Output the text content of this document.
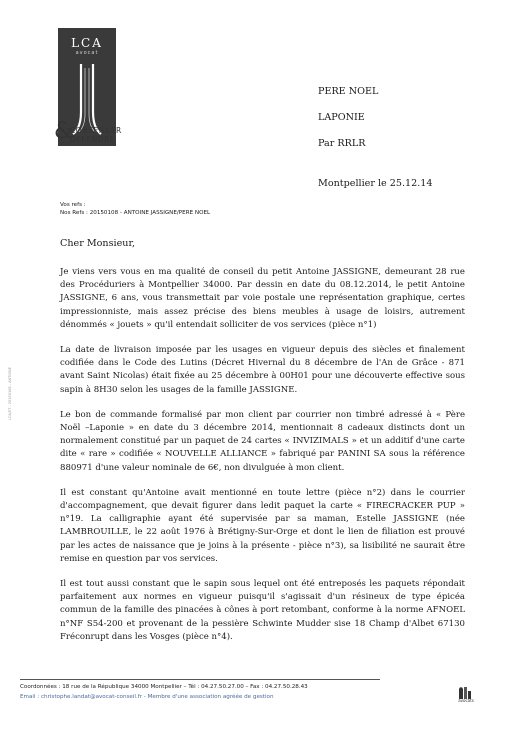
LCA
avocat
&
CONSEILLER
DEFENDRE
PERE NOEL
LAPONIE
Par RRLR
Montpellier le 25.12.14
Vos refs :
Nos Refs : 20150108 - ANTOINE JASSIGNE/PERE NOEL
Cher Monsieur,

Je viens vers vous en ma qualité de conseil du petit Antoine JASSIGNE, demeurant 28 rue des Procéduriers à Montpellier 34000. Par dessin en date du 08.12.2014, le petit Antoine JASSIGNE, 6 ans, vous transmettait par voie postale une représentation graphique, certes impressionniste, mais assez précise des biens meubles à usage de loisirs, autrement dénommés « jouets » qu'il entendait solliciter de vos services (pièce n°1)

La date de livraison imposée par les usages en vigueur depuis des siècles et finalement codifiée dans le Code des Lutins (Décret Hivernal du 8 décembre de l'An de Grâce - 871 avant Saint Nicolas) était fixée au 25 décembre à 00H01 pour une découverte effective sous sapin à 8H30 selon les usages de la famille JASSIGNE.

Le bon de commande formalisé par mon client par courrier non timbré adressé à « Père Noël –Laponie » en date du 3 décembre 2014, mentionnait 8 cadeaux distincts dont un normalement constitué par un paquet de 24 cartes « INVIZIMALS » et un additif d'une carte dite « rare » codifiée « NOUVELLE ALLIANCE » fabriqué par PANINI SA sous la référence 880971 d'une valeur nominale de 6€, non divulguée à mon client.

Il est constant qu'Antoine avait mentionné en toute lettre (pièce n°2) dans le courrier d'accompagnement, que devait figurer dans ledit paquet la carte « FIRECRACKER PUP » n°19. La calligraphie ayant été supervisée par sa maman, Estelle JASSIGNE (née LAMBROUILLE, le 22 août 1976 à Brétigny-Sur-Orge et dont le lien de filiation est prouvé par les actes de naissance que je joins à la présente - pièce n°3), sa lisibilité ne saurait être remise en question par vos services.

Il est tout aussi constant que le sapin sous lequel ont été entreposés les paquets répondait parfaitement aux normes en vigueur puisqu'il s'agissait d'un résineux de type épicéa commun de la famille des pinacées à cônes à port retombant, conforme à la norme AFNOEL n°NF S54-200 et provenant de la pessière Schwinte Mudder sise 18 Champ d'Albet 67130 Fréconrupt dans les Vosges (pièce n°4).

LCA/ET - 20150108 - ANTOINE
Coordonnées : 18 rue de la République 34000 Montpellier – Tél : 04.27.50.27.00 – Fax : 04.27.50.28.43
Email : christophe.landat@avocat-conseil.fr - Membre d'une association agréée de gestion
avocats
